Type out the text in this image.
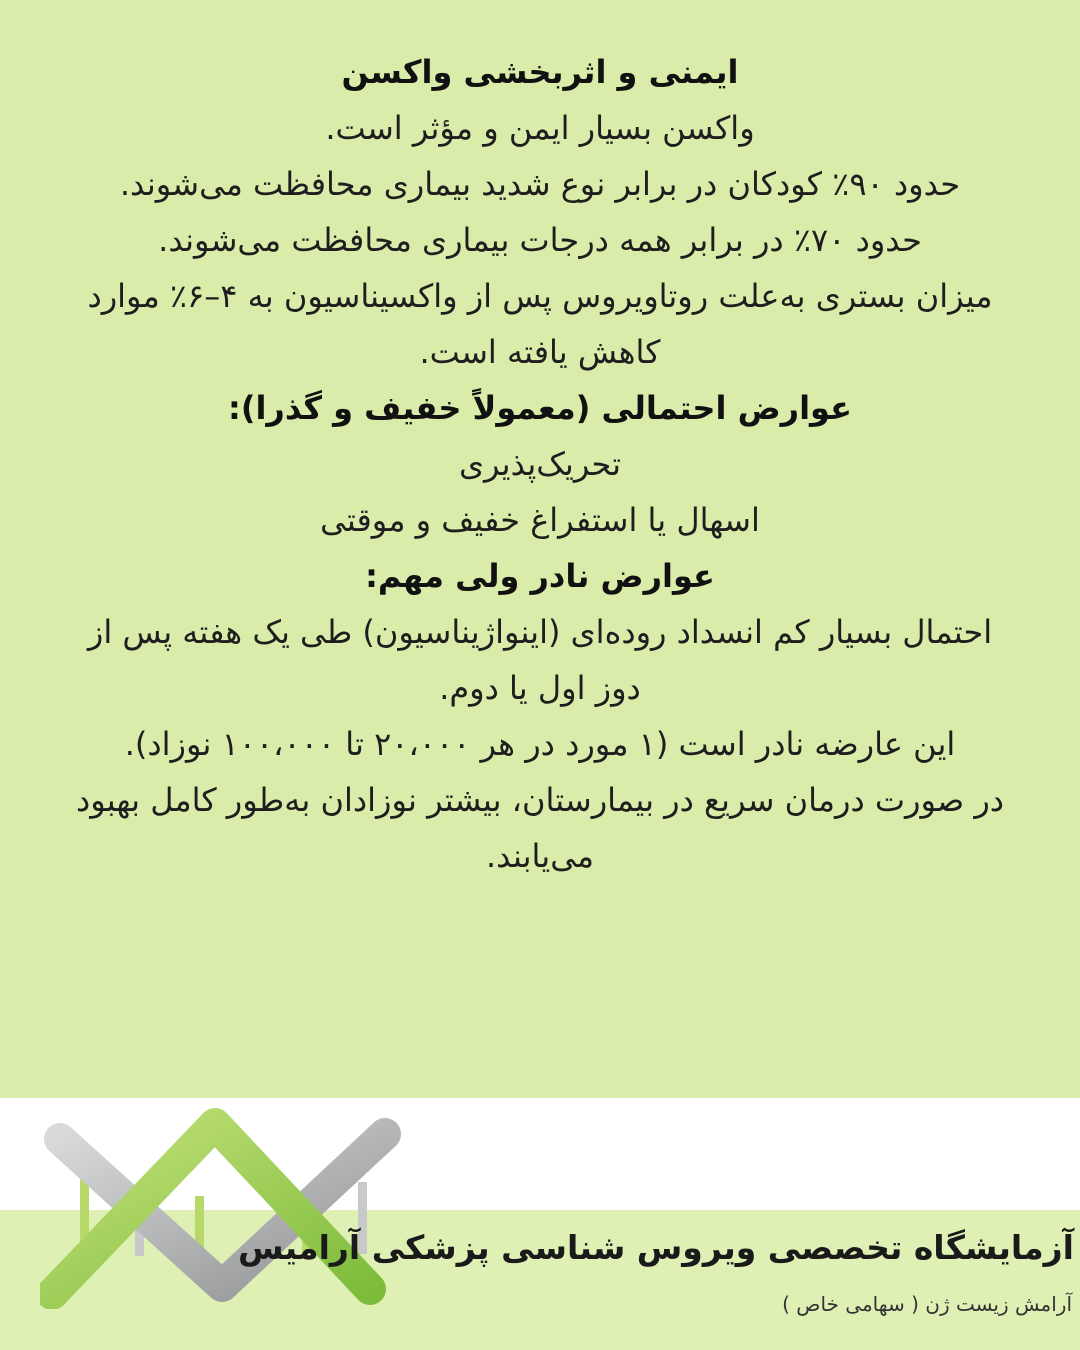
ایمنی و اثربخشی واکسن
واکسن بسیار ایمن و مؤثر است.
حدود ۹۰٪ کودکان در برابر نوع شدید بیماری محافظت می‌شوند.
حدود ۷۰٪ در برابر همه درجات بیماری محافظت می‌شوند.
میزان بستری به‌علت روتاویروس پس از واکسیناسیون به ۴–۶٪ موارد
کاهش یافته است.
عوارض احتمالی (معمولاً خفیف و گذرا):
تحریک‌پذیری
اسهال یا استفراغ خفیف و موقتی
عوارض نادر ولی مهم:
احتمال بسیار کم انسداد روده‌ای (اینواژیناسیون) طی یک هفته پس از
دوز اول یا دوم.
این عارضه نادر است (۱ مورد در هر ۲۰،۰۰۰ تا ۱۰۰،۰۰۰ نوزاد).
در صورت درمان سریع در بیمارستان، بیشتر نوزادان به‌طور کامل بهبود
می‌یابند.
آزمایشگاه تخصصی ویروس شناسی پزشکی آرامیس
آرامش زیست ژن ( سهامی خاص )
